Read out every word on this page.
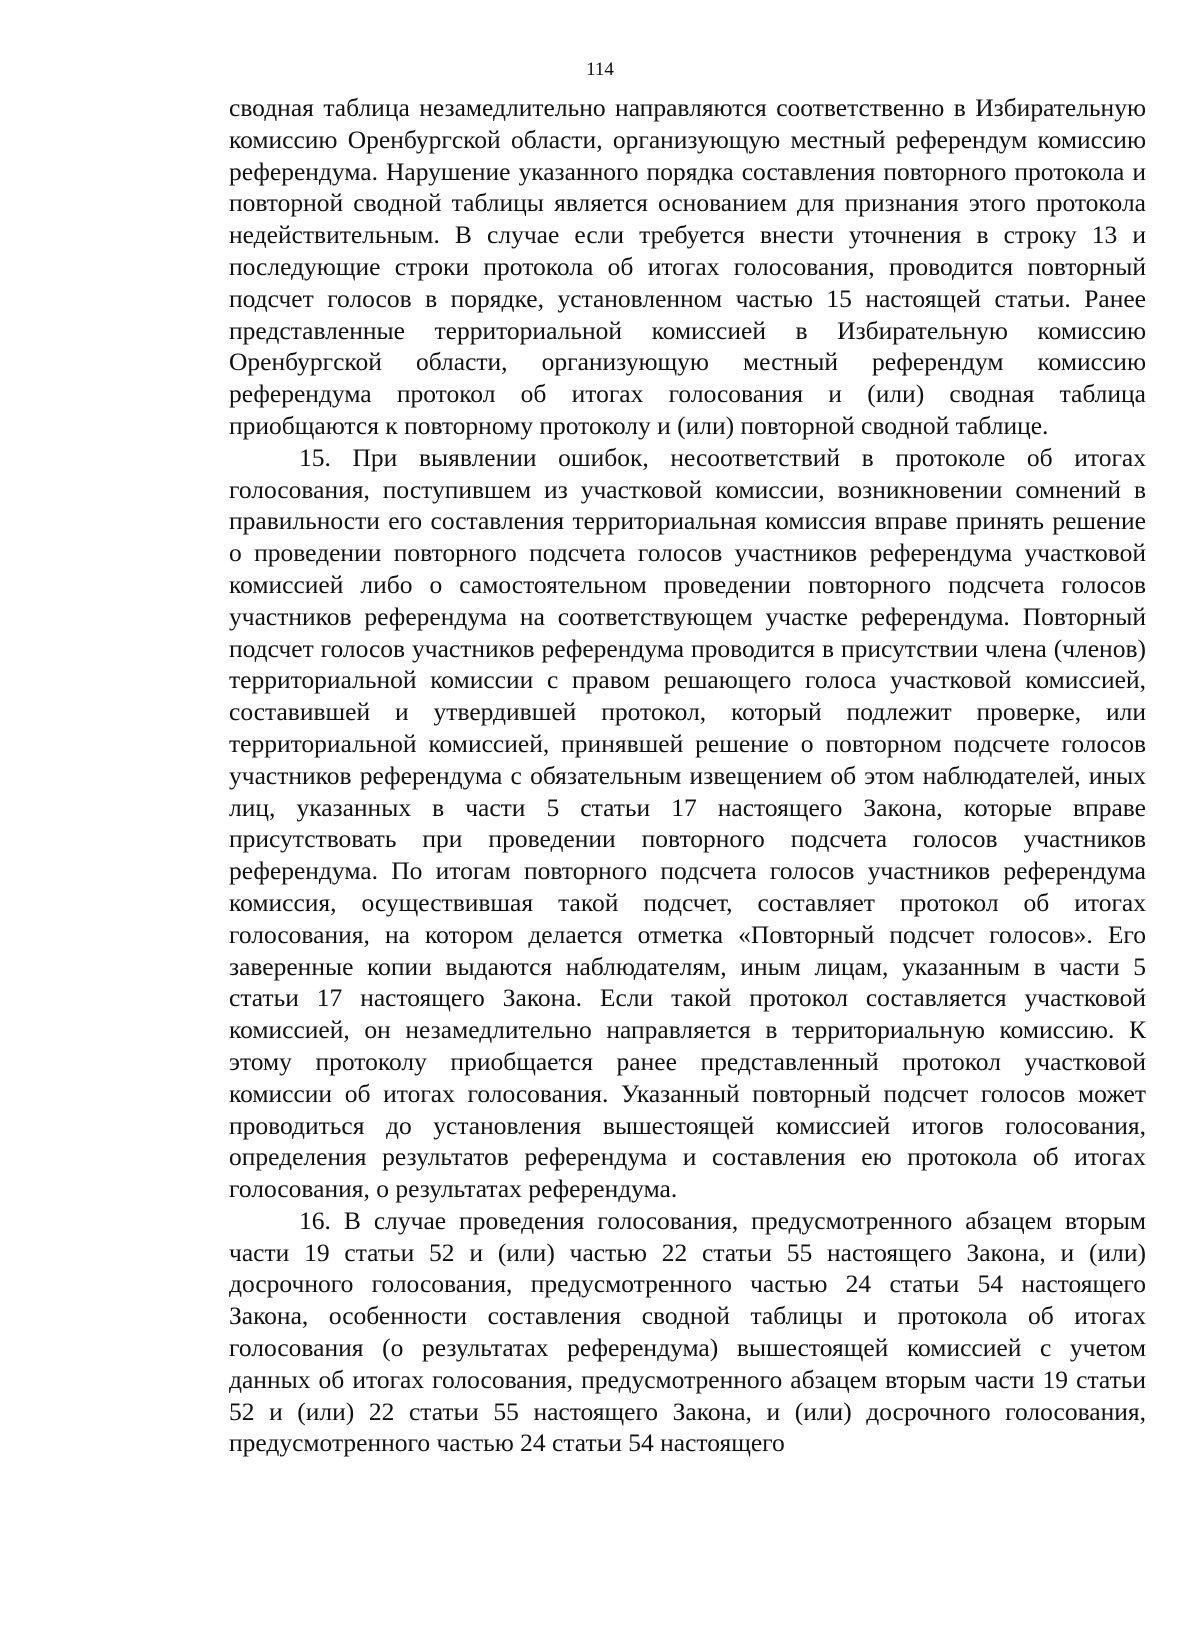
114

сводная таблица незамедлительно направляются соответственно в Избирательную комиссию Оренбургской области, организующую местный референдум комиссию референдума. Нарушение указанного порядка составления повторного протокола и повторной сводной таблицы является основанием для признания этого протокола недействительным. В случае если требуется внести уточнения в строку 13 и последующие строки протокола об итогах голосования, проводится повторный подсчет голосов в порядке, установленном частью 15 настоящей статьи. Ранее представленные территориальной комиссией в Избирательную комиссию Оренбургской области, организующую местный референдум комиссию референдума протокол об итогах голосования и (или) сводная таблица приобщаются к повторному протоколу и (или) повторной сводной таблице.

15. При выявлении ошибок, несоответствий в протоколе об итогах голосования, поступившем из участковой комиссии, возникновении сомнений в правильности его составления территориальная комиссия вправе принять решение о проведении повторного подсчета голосов участников референдума участковой комиссией либо о самостоятельном проведении повторного подсчета голосов участников референдума на соответствующем участке референдума. Повторный подсчет голосов участников референдума проводится в присутствии члена (членов) территориальной комиссии с правом решающего голоса участковой комиссией, составившей и утвердившей протокол, который подлежит проверке, или территориальной комиссией, принявшей решение о повторном подсчете голосов участников референдума с обязательным извещением об этом наблюдателей, иных лиц, указанных в части 5 статьи 17 настоящего Закона, которые вправе присутствовать при проведении повторного подсчета голосов участников референдума. По итогам повторного подсчета голосов участников референдума комиссия, осуществившая такой подсчет, составляет протокол об итогах голосования, на котором делается отметка «Повторный подсчет голосов». Его заверенные копии выдаются наблюдателям, иным лицам, указанным в части 5 статьи 17 настоящего Закона. Если такой протокол составляется участковой комиссией, он незамедлительно направляется в территориальную комиссию. К этому протоколу приобщается ранее представленный протокол участковой комиссии об итогах голосования. Указанный повторный подсчет голосов может проводиться до установления вышестоящей комиссией итогов голосования, определения результатов референдума и составления ею протокола об итогах голосования, о результатах референдума.

16. В случае проведения голосования, предусмотренного абзацем вторым части 19 статьи 52 и (или) частью 22 статьи 55 настоящего Закона, и (или) досрочного голосования, предусмотренного частью 24 статьи 54 настоящего Закона, особенности составления сводной таблицы и протокола об итогах голосования (о результатах референдума) вышестоящей комиссией с учетом данных об итогах голосования, предусмотренного абзацем вторым части 19 статьи 52 и (или) 22 статьи 55 настоящего Закона, и (или) досрочного голосования, предусмотренного частью 24 статьи 54 настоящего
